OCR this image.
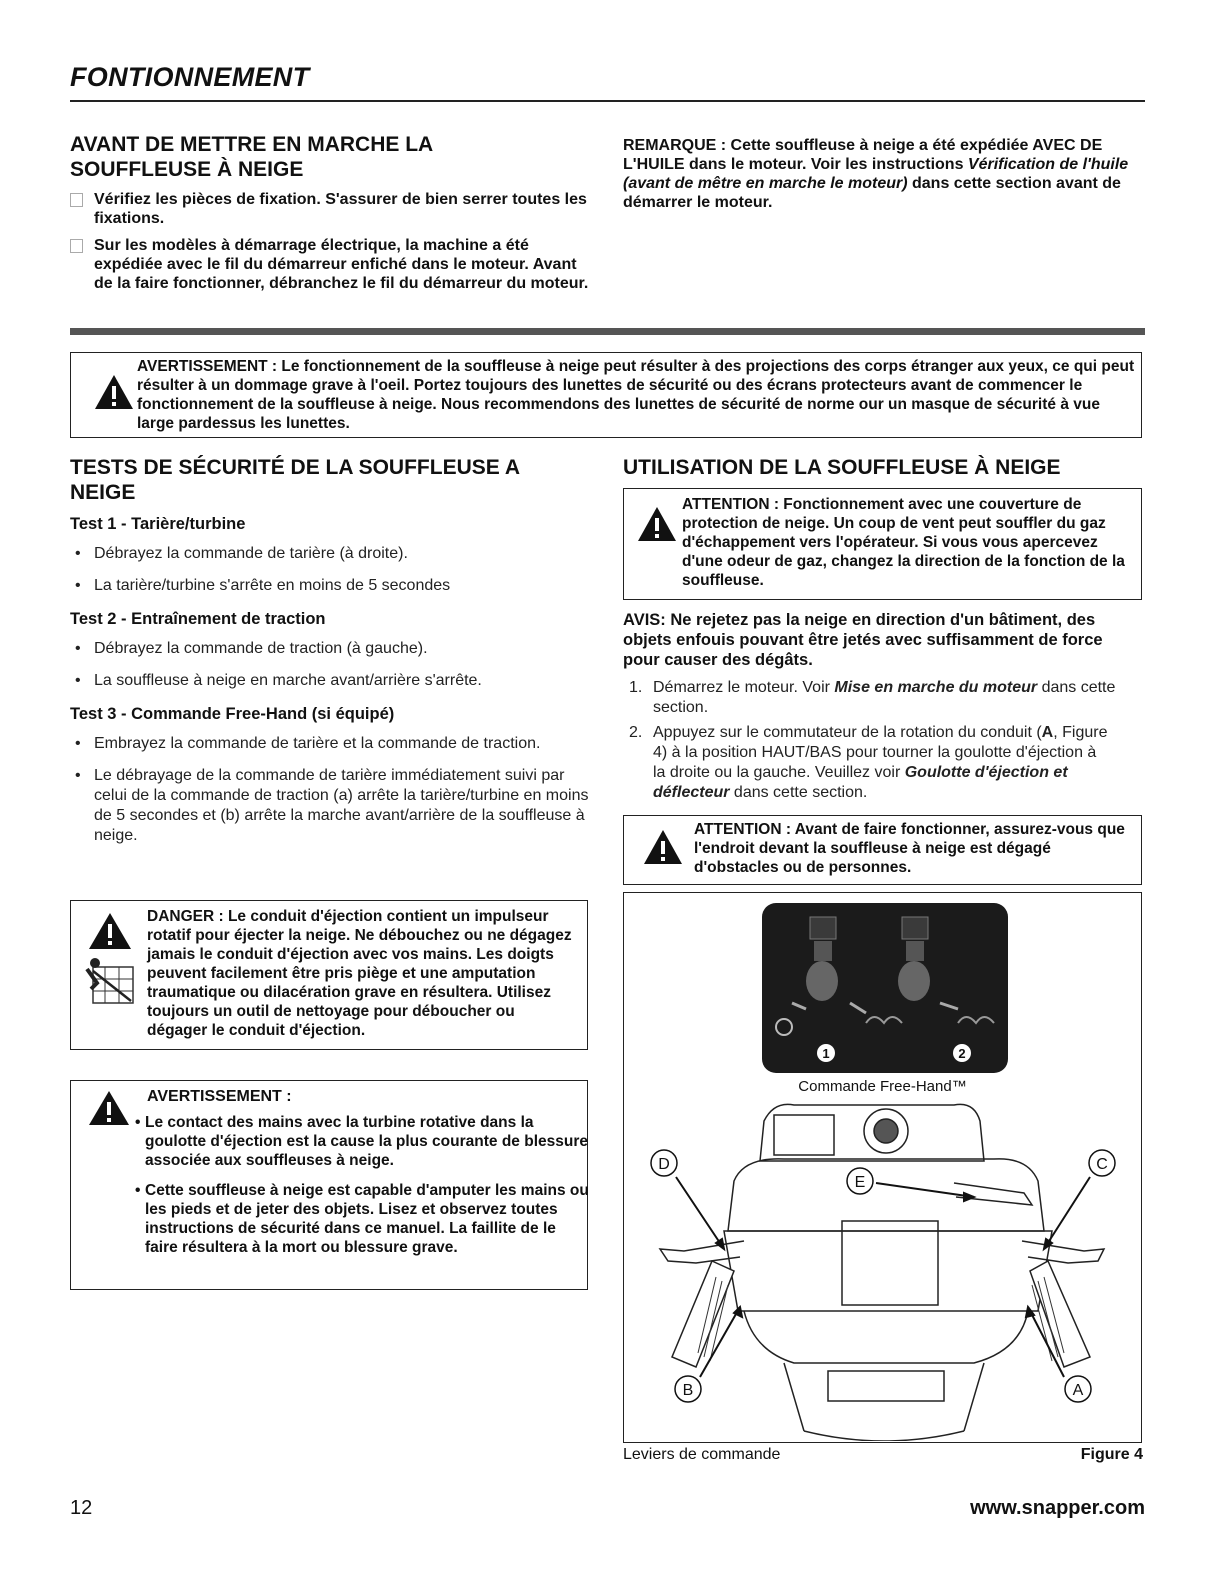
FONTIONNEMENT
AVANT DE METTRE EN MARCHE LA SOUFFLEUSE À NEIGE
Vérifiez les pièces de fixation. S'assurer de bien serrer toutes les fixations.
Sur les modèles à démarrage électrique, la machine a été expédiée avec le fil du démarreur enfiché dans le moteur. Avant de la faire fonctionner, débranchez le fil du démarreur du moteur.
REMARQUE : Cette souffleuse à neige a été expédiée AVEC DE L'HUILE dans le moteur. Voir les instructions Vérification de l'huile (avant de mêtre en marche le moteur) dans cette section avant de démarrer le moteur.
AVERTISSEMENT : Le fonctionnement de la souffleuse à neige peut résulter à des projections des corps étranger aux yeux, ce qui peut résulter à un dommage grave à l'oeil. Portez toujours des lunettes de sécurité ou des écrans protecteurs avant de commencer le fonctionnement de la souffleuse à neige. Nous recommendons des lunettes de sécurité de norme our un masque de sécurité à vue large pardessus les lunettes.
TESTS DE SÉCURITÉ DE LA SOUFFLEUSE A NEIGE
Test 1 - Tarière/turbine
• Débrayez la commande de tarière (à droite).
• La tarière/turbine s'arrête en moins de 5 secondes
Test 2 - Entraînement de traction
• Débrayez la commande de traction (à gauche).
• La souffleuse à neige en marche avant/arrière s'arrête.
Test 3 - Commande Free-Hand (si équipé)
• Embrayez la commande de tarière et la commande de traction.
• Le débrayage de la commande de tarière immédiatement suivi par celui de la commande de traction (a) arrête la tarière/turbine en moins de 5 secondes et (b) arrête la marche avant/arrière de la souffleuse à neige.
DANGER : Le conduit d'éjection contient un impulseur rotatif pour éjecter la neige. Ne débouchez ou ne dégagez jamais le conduit d'éjection avec vos mains. Les doigts peuvent facilement être pris piège et une amputation traumatique ou dilacération grave en résultera. Utilisez toujours un outil de nettoyage pour déboucher ou dégager le conduit d'éjection.
AVERTISSEMENT :
• Le contact des mains avec la turbine rotative dans la goulotte d'éjection est la cause la plus courante de blessure associée aux souffleuses à neige.
• Cette souffleuse à neige est capable d'amputer les mains ou les pieds et de jeter des objets. Lisez et observez toutes instructions de sécurité dans ce manuel. La faillite de le faire résultera à la mort ou blessure grave.
UTILISATION DE LA SOUFFLEUSE À NEIGE
ATTENTION : Fonctionnement avec une couverture de protection de neige. Un coup de vent peut souffler du gaz d'échappement vers l'opérateur. Si vous vous apercevez d'une odeur de gaz, changez la direction de la fonction de la souffleuse.
AVIS: Ne rejetez pas la neige en direction d'un bâtiment, des objets enfouis pouvant être jetés avec suffisamment de force pour causer des dégâts.
1. Démarrez le moteur. Voir Mise en marche du moteur dans cette section.
2. Appuyez sur le commutateur de la rotation du conduit (A, Figure 4) à la position HAUT/BAS pour tourner la goulotte d'éjection à la droite ou la gauche. Veuillez voir Goulotte d'éjection et déflecteur dans cette section.
ATTENTION : Avant de faire fonctionner, assurez-vous que l'endroit devant la souffleuse à neige est dégagé d'obstacles ou de personnes.
1	2
Commande Free-Hand™
D	C
E
B	A
Leviers de commande	Figure 4
12	www.snapper.com
